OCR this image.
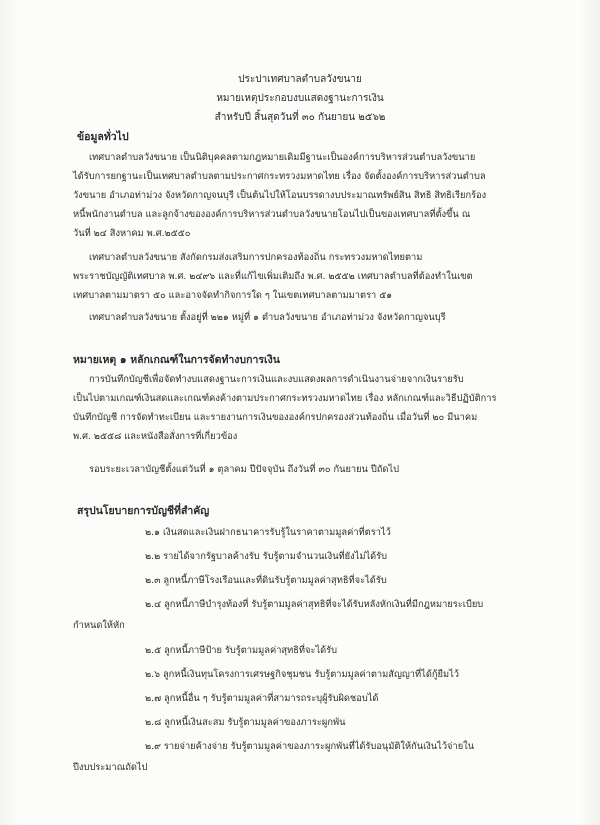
ประปาเทศบาลตำบลวังขนาย
หมายเหตุประกอบงบแสดงฐานะการเงิน
สำหรับปี สิ้นสุดวันที่ ๓๐ กันยายน ๒๕๖๒
ข้อมูลทั่วไป
เทศบาลตำบลวังขนาย เป็นนิติบุคคลตามกฎหมายเดิมมีฐานะเป็นองค์การบริหารส่วนตำบลวังขนาย
ได้รับการยกฐานะเป็นเทศบาลตำบลตามประกาศกระทรวงมหาดไทย เรื่อง จัดตั้งองค์การบริหารส่วนตำบล
วังขนาย อำเภอท่าม่วง จังหวัดกาญจนบุรี เป็นต้นไปให้โอนบรรดางบประมาณทรัพย์สิน สิทธิ สิทธิเรียกร้อง
หนี้พนักงานตำบล และลูกจ้างขององค์การบริหารส่วนตำบลวังขนายโอนไปเป็นของเทศบาลที่ตั้งขึ้น ณ
วันที่ ๒๔ สิงหาคม พ.ศ.๒๕๕๐
เทศบาลตำบลวังขนาย สังกัดกรมส่งเสริมการปกครองท้องถิ่น กระทรวงมหาดไทยตาม
พระราชบัญญัติเทศบาล พ.ศ. ๒๔๙๖ และที่แก้ไขเพิ่มเติมถึง พ.ศ. ๒๕๕๒ เทศบาลตำบลที่ต้องทำในเขต
เทศบาลตามมาตรา ๕๐ และอาจจัดทำกิจการใด ๆ ในเขตเทศบาลตามมาตรา ๕๑
เทศบาลตำบลวังขนาย ตั้งอยู่ที่ ๒๒๑ หมู่ที่ ๑ ตำบลวังขนาย อำเภอท่าม่วง จังหวัดกาญจนบุรี
หมายเหตุ ๑ หลักเกณฑ์ในการจัดทำงบการเงิน
การบันทึกบัญชีเพื่อจัดทำงบแสดงฐานะการเงินและงบแสดงผลการดำเนินงานจ่ายจากเงินรายรับ
เป็นไปตามเกณฑ์เงินสดและเกณฑ์คงค้างตามประกาศกระทรวงมหาดไทย เรื่อง หลักเกณฑ์และวิธีปฏิบัติการ
บันทึกบัญชี การจัดทำทะเบียน และรายงานการเงินขององค์กรปกครองส่วนท้องถิ่น เมื่อวันที่ ๒๐ มีนาคม
พ.ศ. ๒๕๕๘ และหนังสือสั่งการที่เกี่ยวข้อง
รอบระยะเวลาบัญชีตั้งแต่วันที่ ๑ ตุลาคม ปีปัจจุบัน ถึงวันที่ ๓๐ กันยายน ปีถัดไป
สรุปนโยบายการบัญชีที่สำคัญ
๒.๑ เงินสดและเงินฝากธนาคารรับรู้ในราคาตามมูลค่าที่ตราไว้
๒.๒ รายได้จากรัฐบาลค้างรับ รับรู้ตามจำนวนเงินที่ยังไม่ได้รับ
๒.๓ ลูกหนี้ภาษีโรงเรือนและที่ดินรับรู้ตามมูลค่าสุทธิที่จะได้รับ
๒.๔ ลูกหนี้ภาษีบำรุงท้องที่ รับรู้ตามมูลค่าสุทธิที่จะได้รับหลังหักเงินที่มีกฎหมายระเบียบ
กำหนดให้หัก
๒.๕ ลูกหนี้ภาษีป้าย รับรู้ตามมูลค่าสุทธิที่จะได้รับ
๒.๖ ลูกหนี้เงินทุนโครงการเศรษฐกิจชุมชน รับรู้ตามมูลค่าตามสัญญาที่ได้กู้ยืมไว้
๒.๗ ลูกหนี้อื่น ๆ รับรู้ตามมูลค่าที่สามารถระบุผู้รับผิดชอบได้
๒.๘ ลูกหนี้เงินสะสม รับรู้ตามมูลค่าของภาระผูกพัน
๒.๙ รายจ่ายค้างจ่าย รับรู้ตามมูลค่าของภาระผูกพันที่ได้รับอนุมัติให้กันเงินไว้จ่ายใน
ปีงบประมาณถัดไป
